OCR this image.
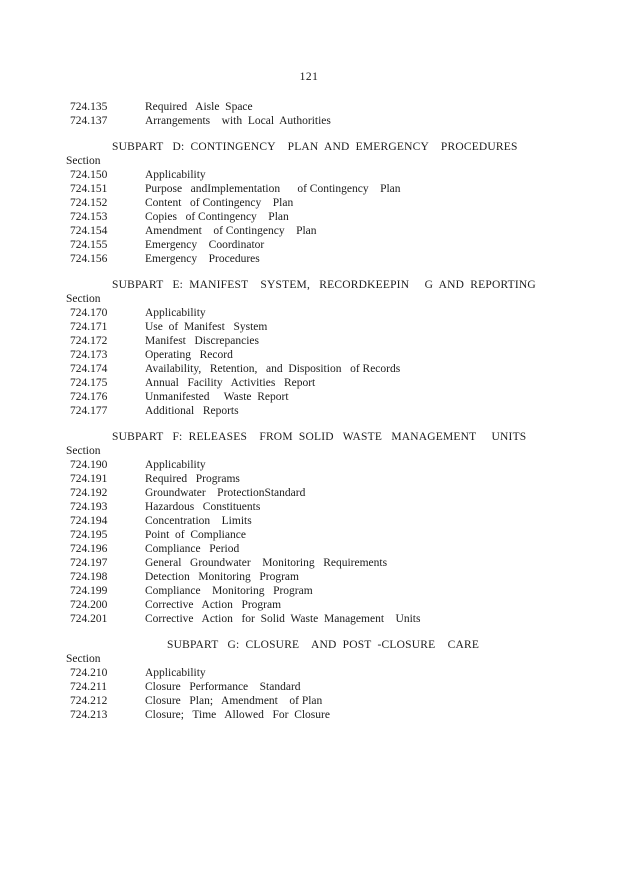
121
724.135	Required   Aisle  Space
724.137	Arrangements    with  Local  Authorities
SUBPART   D:  CONTINGENCY    PLAN  AND  EMERGENCY    PROCEDURES
Section
724.150	Applicability
724.151	Purpose   andImplementation      of Contingency    Plan
724.152	Content   of Contingency    Plan
724.153	Copies   of Contingency    Plan
724.154	Amendment    of Contingency    Plan
724.155	Emergency    Coordinator
724.156	Emergency    Procedures
SUBPART   E:  MANIFEST    SYSTEM,   RECORDKEEPIN     G  AND  REPORTING
Section
724.170	Applicability
724.171	Use  of  Manifest   System
724.172	Manifest   Discrepancies
724.173	Operating   Record
724.174	Availability,   Retention,   and  Disposition   of Records
724.175	Annual   Facility   Activities   Report
724.176	Unmanifested     Waste  Report
724.177	Additional   Reports
SUBPART   F:  RELEASES    FROM  SOLID   WASTE   MANAGEMENT     UNITS
Section
724.190	Applicability
724.191	Required   Programs
724.192	Groundwater    ProtectionStandard
724.193	Hazardous   Constituents
724.194	Concentration    Limits
724.195	Point  of  Compliance
724.196	Compliance   Period
724.197	General   Groundwater    Monitoring   Requirements
724.198	Detection   Monitoring   Program
724.199	Compliance    Monitoring   Program
724.200	Corrective   Action   Program
724.201	Corrective   Action   for  Solid  Waste  Management    Units
SUBPART   G:  CLOSURE    AND  POST  -CLOSURE    CARE
Section
724.210	Applicability
724.211	Closure   Performance    Standard
724.212	Closure   Plan;   Amendment    of Plan
724.213	Closure;   Time   Allowed   For  Closure
